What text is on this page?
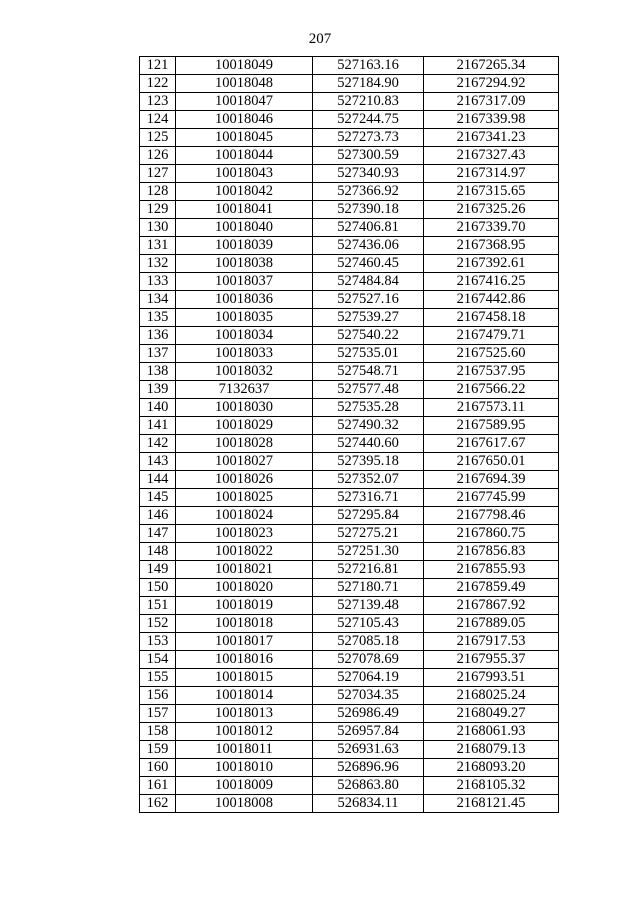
207
121	10018049	527163.16	2167265.34
122	10018048	527184.90	2167294.92
123	10018047	527210.83	2167317.09
124	10018046	527244.75	2167339.98
125	10018045	527273.73	2167341.23
126	10018044	527300.59	2167327.43
127	10018043	527340.93	2167314.97
128	10018042	527366.92	2167315.65
129	10018041	527390.18	2167325.26
130	10018040	527406.81	2167339.70
131	10018039	527436.06	2167368.95
132	10018038	527460.45	2167392.61
133	10018037	527484.84	2167416.25
134	10018036	527527.16	2167442.86
135	10018035	527539.27	2167458.18
136	10018034	527540.22	2167479.71
137	10018033	527535.01	2167525.60
138	10018032	527548.71	2167537.95
139	7132637	527577.48	2167566.22
140	10018030	527535.28	2167573.11
141	10018029	527490.32	2167589.95
142	10018028	527440.60	2167617.67
143	10018027	527395.18	2167650.01
144	10018026	527352.07	2167694.39
145	10018025	527316.71	2167745.99
146	10018024	527295.84	2167798.46
147	10018023	527275.21	2167860.75
148	10018022	527251.30	2167856.83
149	10018021	527216.81	2167855.93
150	10018020	527180.71	2167859.49
151	10018019	527139.48	2167867.92
152	10018018	527105.43	2167889.05
153	10018017	527085.18	2167917.53
154	10018016	527078.69	2167955.37
155	10018015	527064.19	2167993.51
156	10018014	527034.35	2168025.24
157	10018013	526986.49	2168049.27
158	10018012	526957.84	2168061.93
159	10018011	526931.63	2168079.13
160	10018010	526896.96	2168093.20
161	10018009	526863.80	2168105.32
162	10018008	526834.11	2168121.45
